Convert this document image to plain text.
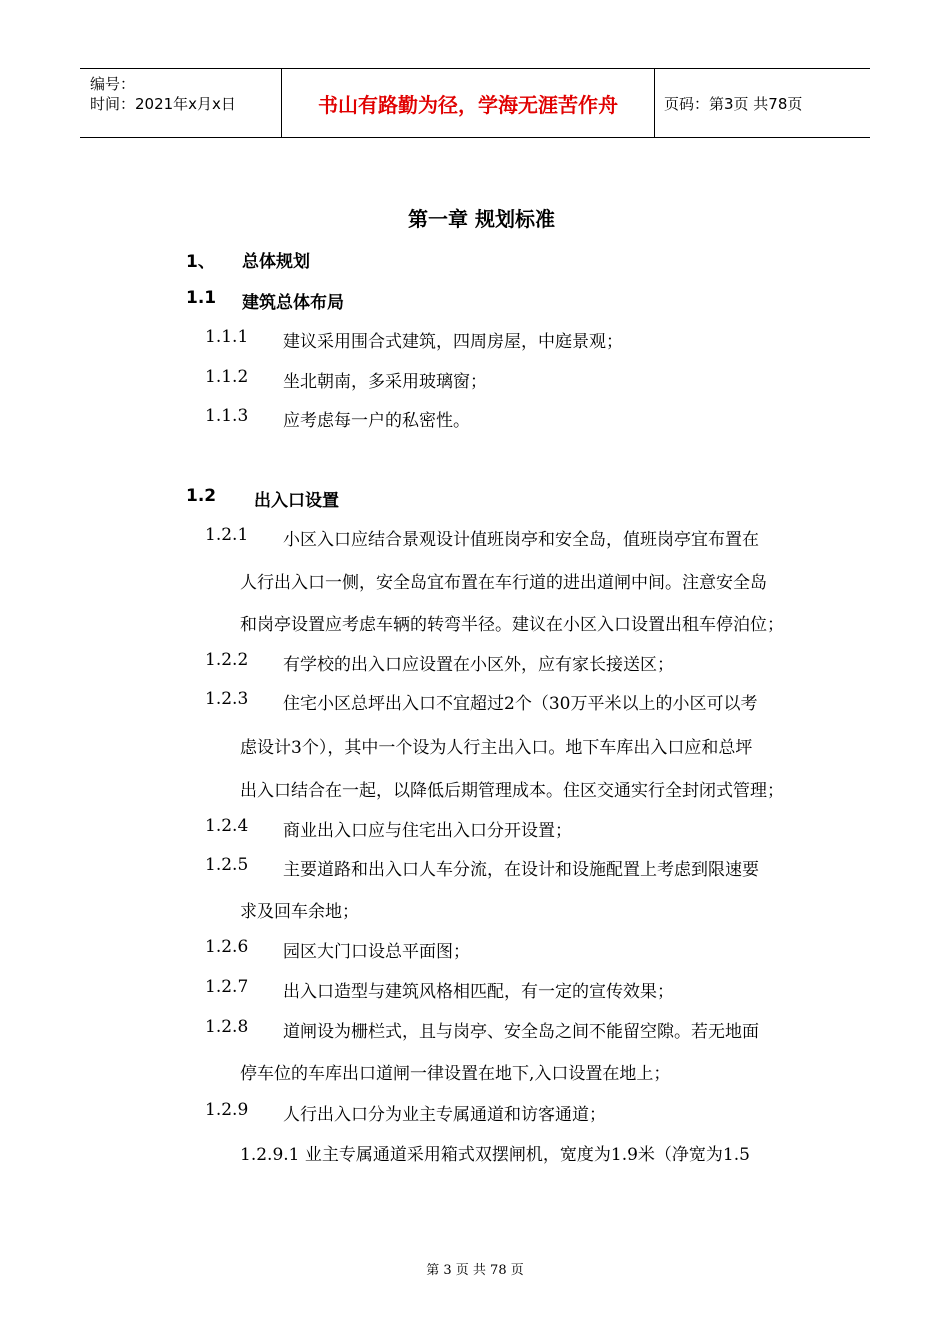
编号：
时间：2021年x月x日	书山有路勤为径，学海无涯苦作舟	页码：第3页 共78页
第一章 规划标准
1、 总体规划
1.1 建筑总体布局
1.1.1 建议采用围合式建筑，四周房屋，中庭景观；
1.1.2 坐北朝南，多采用玻璃窗；
1.1.3 应考虑每一户的私密性。
1.2 出入口设置
1.2.1 小区入口应结合景观设计值班岗亭和安全岛，值班岗亭宜布置在
人行出入口一侧，安全岛宜布置在车行道的进出道闸中间。注意安全岛
和岗亭设置应考虑车辆的转弯半径。建议在小区入口设置出租车停泊位；
1.2.2 有学校的出入口应设置在小区外，应有家长接送区；
1.2.3 住宅小区总坪出入口不宜超过2个（30万平米以上的小区可以考
虑设计3个），其中一个设为人行主出入口。地下车库出入口应和总坪
出入口结合在一起，以降低后期管理成本。住区交通实行全封闭式管理；
1.2.4 商业出入口应与住宅出入口分开设置；
1.2.5 主要道路和出入口人车分流，在设计和设施配置上考虑到限速要
求及回车余地；
1.2.6 园区大门口设总平面图；
1.2.7 出入口造型与建筑风格相匹配，有一定的宣传效果；
1.2.8 道闸设为栅栏式，且与岗亭、安全岛之间不能留空隙。若无地面
停车位的车库出口道闸一律设置在地下,入口设置在地上；
1.2.9 人行出入口分为业主专属通道和访客通道；
1.2.9.1 业主专属通道采用箱式双摆闸机，宽度为1.9米（净宽为1.5
第 3 页 共 78 页
